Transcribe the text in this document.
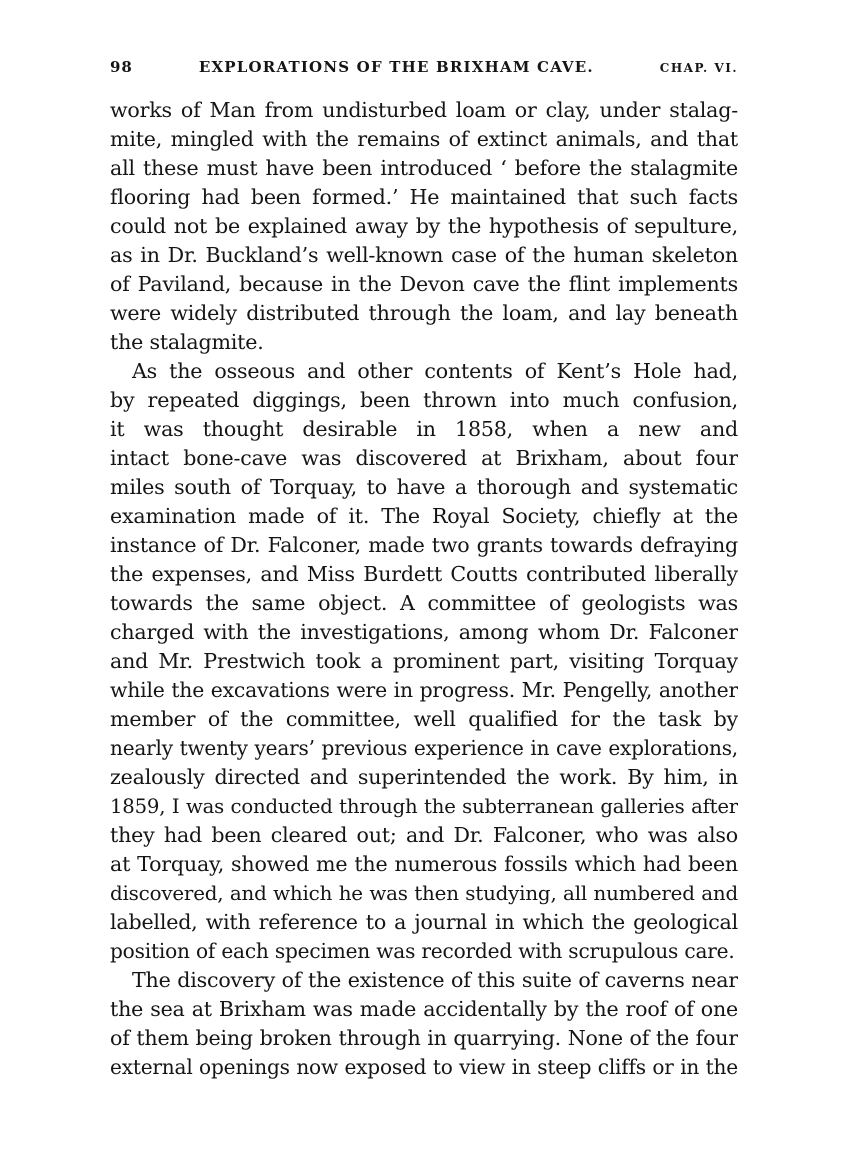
98	EXPLORATIONS OF THE BRIXHAM CAVE.	CHAP. VI.
works of Man from undisturbed loam or clay, under stalag-
mite, mingled with the remains of extinct animals, and that
all these must have been introduced ‘ before the stalagmite
flooring had been formed.’ He maintained that such facts
could not be explained away by the hypothesis of sepulture,
as in Dr. Buckland’s well-known case of the human skeleton
of Paviland, because in the Devon cave the flint implements
were widely distributed through the loam, and lay beneath
the stalagmite.
As the osseous and other contents of Kent’s Hole had,
by repeated diggings, been thrown into much confusion,
it was thought desirable in 1858, when a new and
intact bone-cave was discovered at Brixham, about four
miles south of Torquay, to have a thorough and systematic
examination made of it. The Royal Society, chiefly at the
instance of Dr. Falconer, made two grants towards defraying
the expenses, and Miss Burdett Coutts contributed liberally
towards the same object. A committee of geologists was
charged with the investigations, among whom Dr. Falconer
and Mr. Prestwich took a prominent part, visiting Torquay
while the excavations were in progress. Mr. Pengelly, another
member of the committee, well qualified for the task by
nearly twenty years’ previous experience in cave explorations,
zealously directed and superintended the work. By him, in
1859, I was conducted through the subterranean galleries after
they had been cleared out; and Dr. Falconer, who was also
at Torquay, showed me the numerous fossils which had been
discovered, and which he was then studying, all numbered and
labelled, with reference to a journal in which the geological
position of each specimen was recorded with scrupulous care.
The discovery of the existence of this suite of caverns near
the sea at Brixham was made accidentally by the roof of one
of them being broken through in quarrying. None of the four
external openings now exposed to view in steep cliffs or in the
